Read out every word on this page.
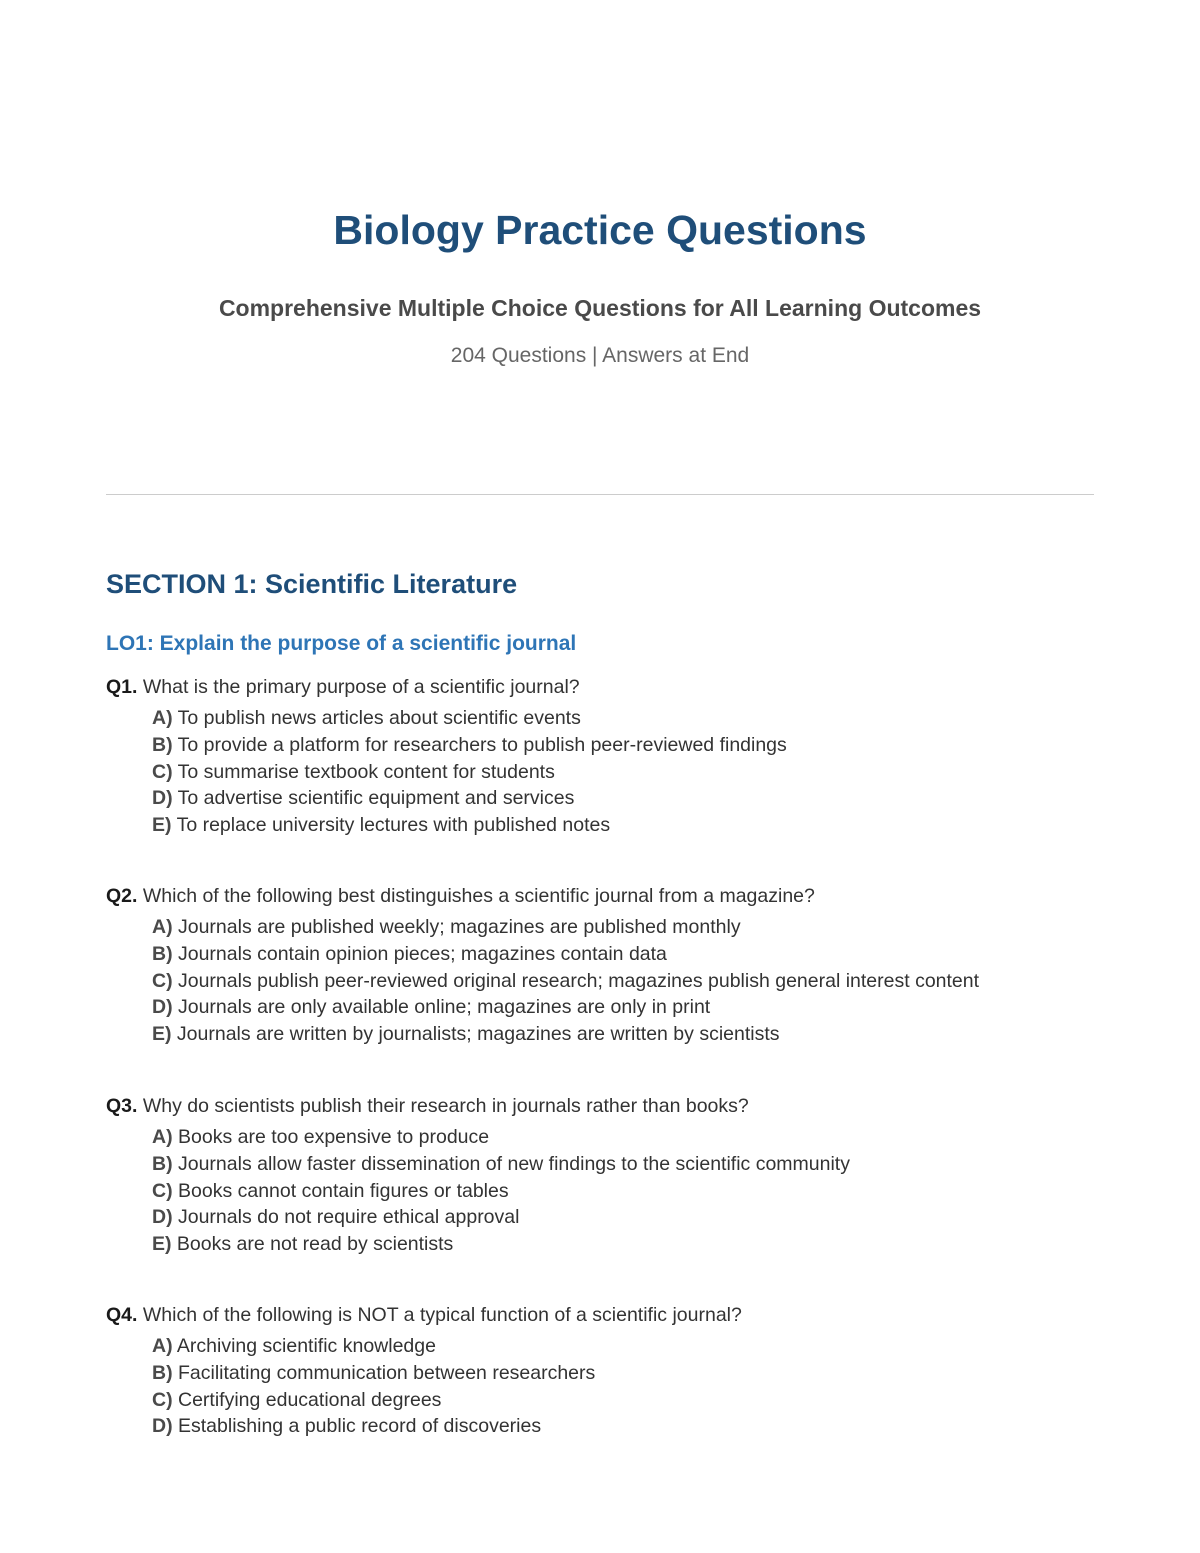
Biology Practice Questions
Comprehensive Multiple Choice Questions for All Learning Outcomes
204 Questions | Answers at End
SECTION 1: Scientific Literature
LO1: Explain the purpose of a scientific journal
Q1. What is the primary purpose of a scientific journal?
A) To publish news articles about scientific events
B) To provide a platform for researchers to publish peer-reviewed findings
C) To summarise textbook content for students
D) To advertise scientific equipment and services
E) To replace university lectures with published notes
Q2. Which of the following best distinguishes a scientific journal from a magazine?
A) Journals are published weekly; magazines are published monthly
B) Journals contain opinion pieces; magazines contain data
C) Journals publish peer-reviewed original research; magazines publish general interest content
D) Journals are only available online; magazines are only in print
E) Journals are written by journalists; magazines are written by scientists
Q3. Why do scientists publish their research in journals rather than books?
A) Books are too expensive to produce
B) Journals allow faster dissemination of new findings to the scientific community
C) Books cannot contain figures or tables
D) Journals do not require ethical approval
E) Books are not read by scientists
Q4. Which of the following is NOT a typical function of a scientific journal?
A) Archiving scientific knowledge
B) Facilitating communication between researchers
C) Certifying educational degrees
D) Establishing a public record of discoveries
